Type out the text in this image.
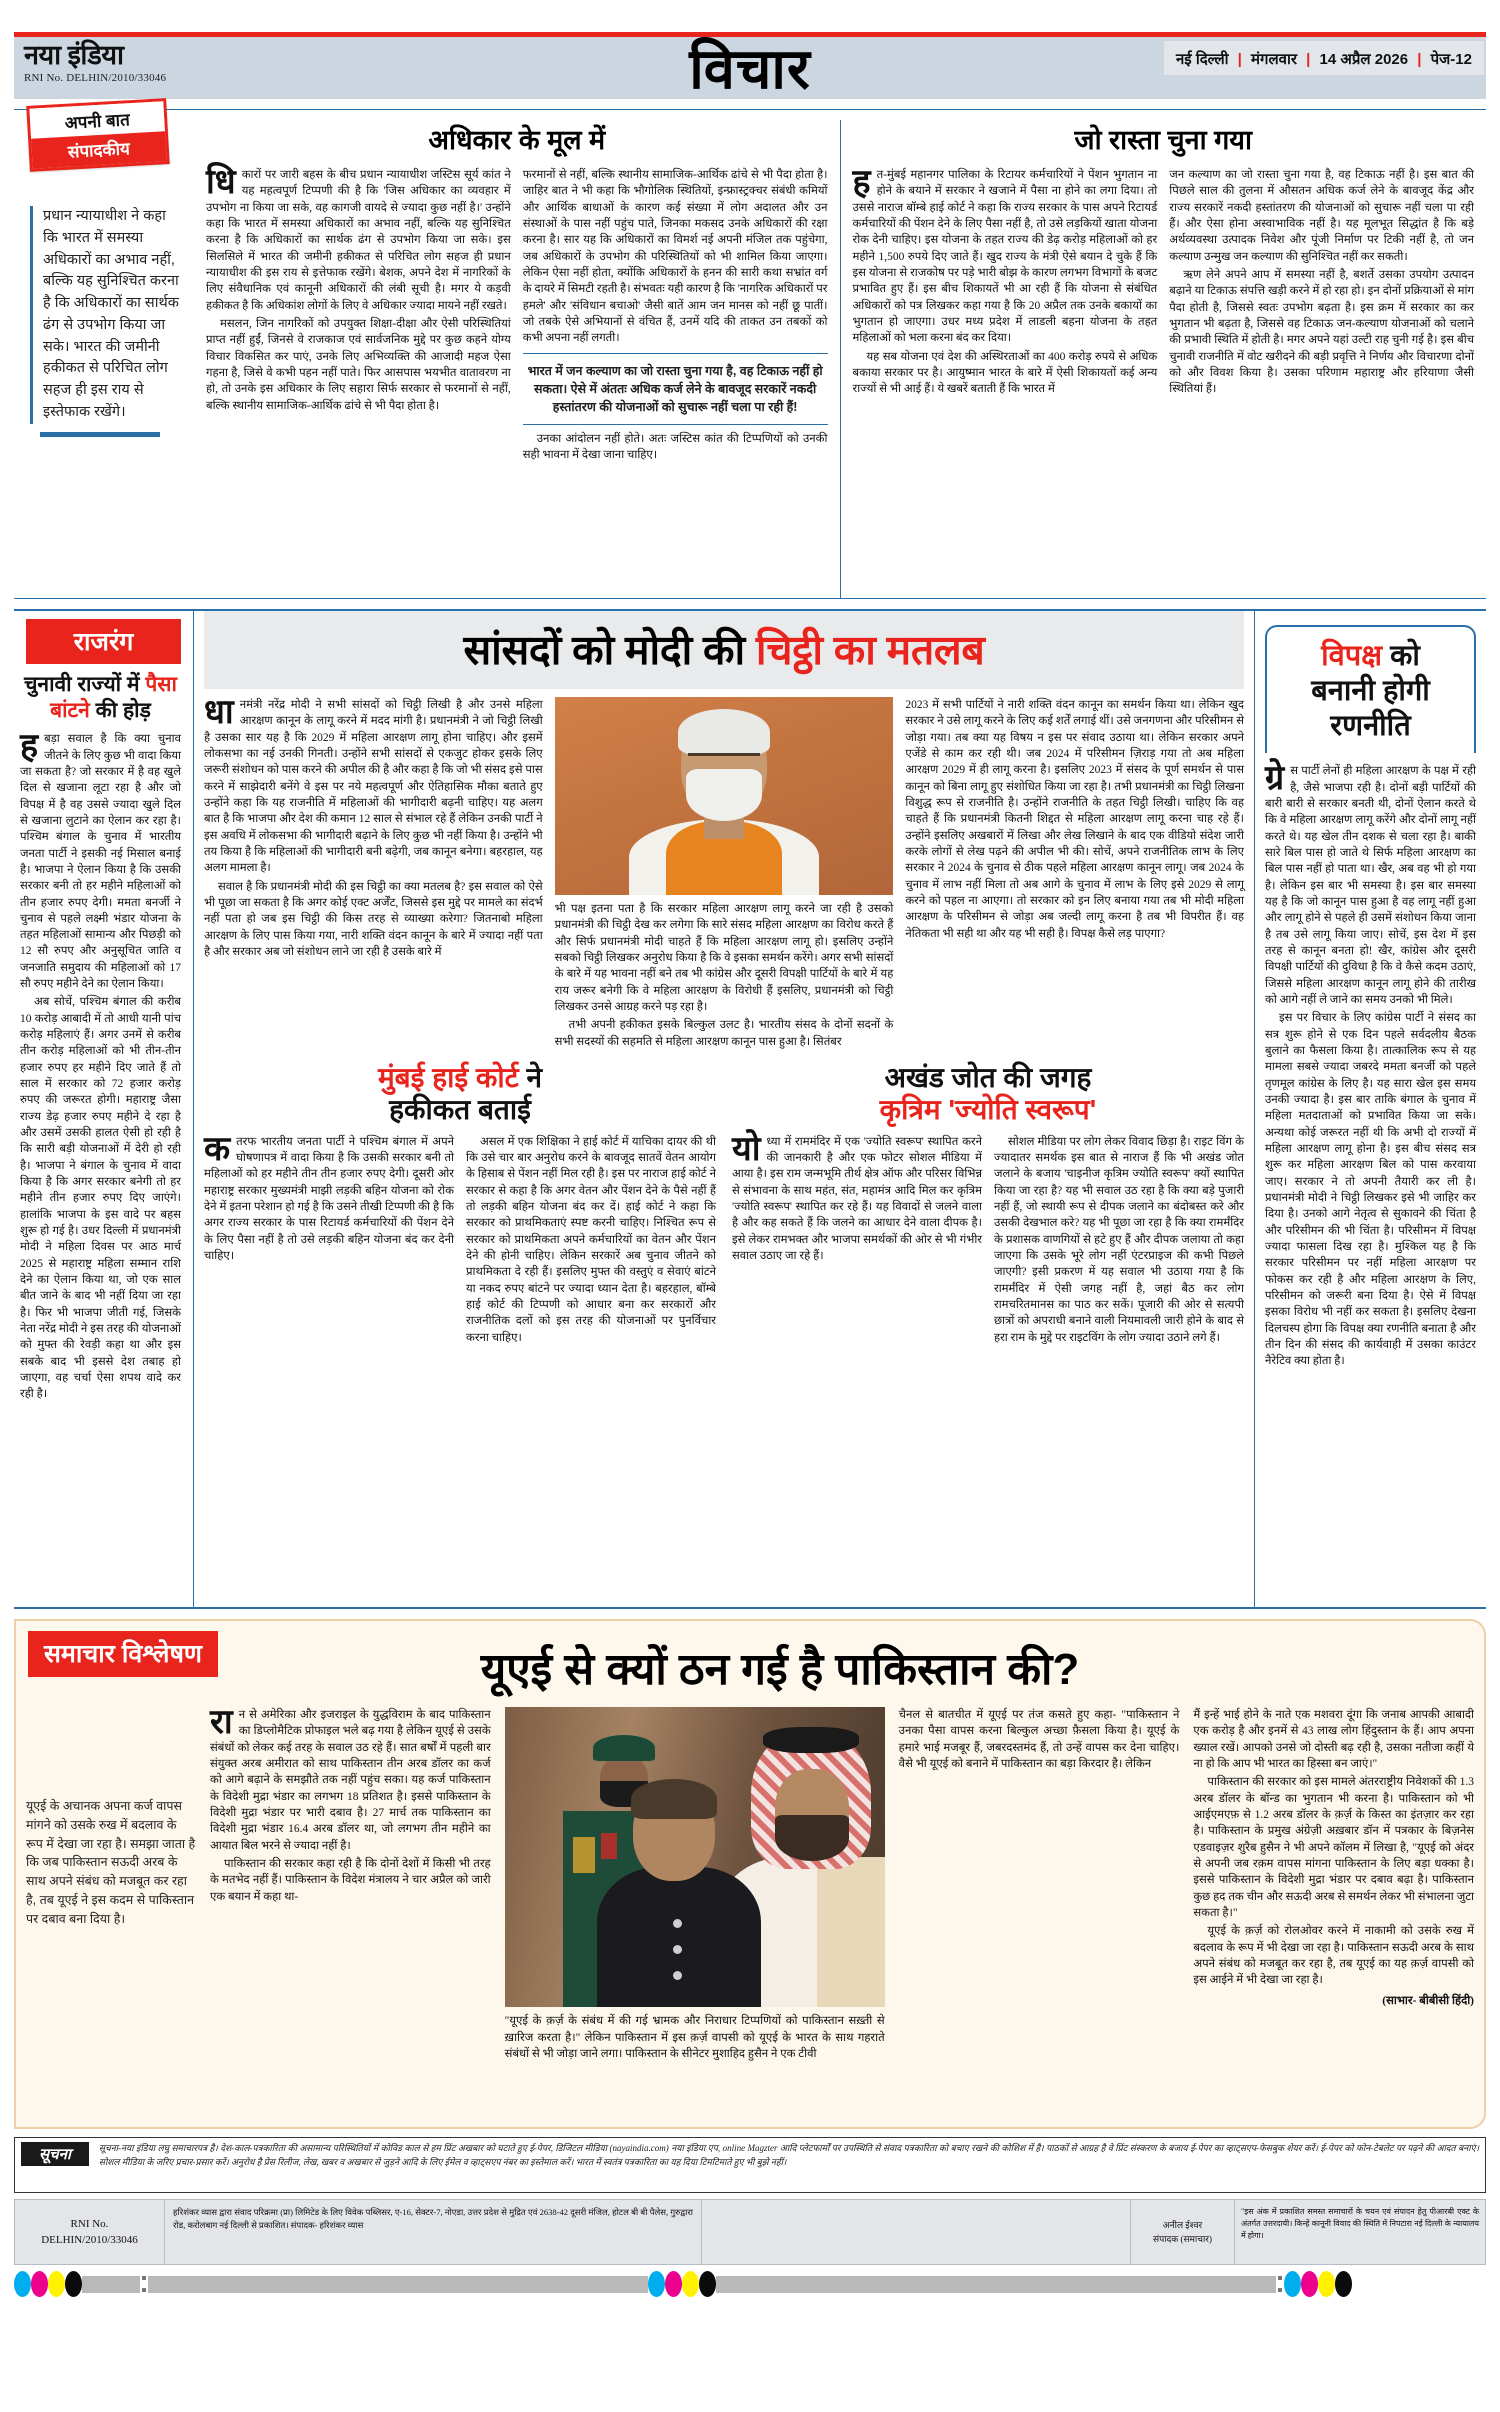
नया इंडिया
RNI No. DELHIN/2010/33046	विचार	नई दिल्ली | मंगलवार | 14 अप्रैल 2026 | पेज-12
अपनी बात
संपादकीय
प्रधान न्यायाधीश ने कहा कि भारत में समस्या अधिकारों का अभाव नहीं, बल्कि यह सुनिश्चित करना है कि अधिकारों का सार्थक ढंग से उपभोग किया जा सके। भारत की जमीनी हकीकत से परिचित लोग सहज ही इस राय से इस्तेफाक रखेंगे।
अधिकार के मूल में

धिकारों पर जारी बहस के बीच प्रधान न्यायाधीश जस्टिस सूर्य कांत ने यह महत्वपूर्ण टिप्पणी की है कि 'जिस अधिकार का व्यवहार में उपभोग ना किया जा सके, वह कागजी वायदे से ज्यादा कुछ नहीं है।' उन्होंने कहा कि भारत में समस्या अधिकारों का अभाव नहीं, बल्कि यह सुनिश्चित करना है कि अधिकारों का सार्थक ढंग से उपभोग किया जा सके। इस सिलसिले में भारत की जमीनी हकीकत से परिचित लोग सहज ही प्रधान न्यायाधीश की इस राय से इत्तेफाक रखेंगे। बेशक, अपने देश में नागरिकों के लिए संवैधानिक एवं कानूनी अधिकारों की लंबी सूची है। मगर ये कड़वी हकीकत है कि अधिकांश लोगों के लिए वे अधिकार ज्यादा मायने नहीं रखते।

मसलन, जिन नागरिकों को उपयुक्त शिक्षा-दीक्षा और ऐसी परिस्थितियां प्राप्त नहीं हुईं, जिनसे वे राजकाज एवं सार्वजनिक मुद्दे पर कुछ कहने योग्य विचार विकसित कर पाएं, उनके लिए अभिव्यक्ति की आजादी महज ऐसा गहना है, जिसे वे कभी पहन नहीं पाते। फिर आसपास भयभीत वातावरण ना हो, तो उनके इस अधिकार के लिए सहारा सिर्फ सरकार से फरमानों से नहीं, बल्कि स्थानीय सामाजिक-आर्थिक ढांचे से भी पैदा होता है।

फरमानों से नहीं, बल्कि स्थानीय सामाजिक-आर्थिक ढांचे से भी पैदा होता है। जाहिर बात ने भी कहा कि भौगोलिक स्थितियों, इन्फ्रास्ट्रक्चर संबंधी कमियों और आर्थिक बाधाओं के कारण कई संख्या में लोग अदालत और उन संस्थाओं के पास नहीं पहुंच पाते, जिनका मकसद उनके अधिकारों की रक्षा करना है। सार यह कि अधिकारों का विमर्श नई अपनी मंजिल तक पहुंचेगा, जब अधिकारों के उपभोग की परिस्थितियों को भी शामिल किया जाएगा। लेकिन ऐसा नहीं होता, क्योंकि अधिकारों के हनन की सारी कथा सभ्रांत वर्ग के दायरे में सिमटी रहती है। संभवतः यही कारण है कि 'नागरिक अधिकारों पर हमले' और 'संविधान बचाओ' जैसी बातें आम जन मानस को नहीं छू पातीं। जो तबके ऐसे अभियानों से वंचित हैं, उनमें यदि की ताकत उन तबकों को कभी अपना नहीं लगती।

भारत में जन कल्याण का जो रास्ता चुना गया है, वह टिकाऊ नहीं हो सकता। ऐसे में अंततः अधिक कर्ज लेने के बावजूद सरकारें नकदी हस्तांतरण की योजनाओं को सुचारू नहीं चला पा रही हैं!

उनका आंदोलन नहीं होते। अतः जस्टिस कांत की टिप्पणियों को उनकी सही भावना में देखा जाना चाहिए।

जो रास्ता चुना गया

हत-मुंबई महानगर पालिका के रिटायर कर्मचारियों ने पेंशन भुगतान ना होने के बयाने में सरकार ने खजाने में पैसा ना होने का लगा दिया। तो उससे नाराज बॉम्बे हाई कोर्ट ने कहा कि राज्य सरकार के पास अपने रिटायर्ड कर्मचारियों की पेंशन देने के लिए पैसा नहीं है, तो उसे लड़कियों खाता योजना रोक देनी चाहिए। इस योजना के तहत राज्य की डेढ़ करोड़ महिलाओं को हर महीने 1,500 रुपये दिए जाते हैं। खुद राज्य के मंत्री ऐसे बयान दे चुके हैं कि इस योजना से राजकोष पर पड़े भारी बोझ के कारण लगभग विभागों के बजट प्रभावित हुए हैं। इस बीच शिकायतें भी आ रही हैं कि योजना से संबंधित अधिकारों को पत्र लिखकर कहा गया है कि 20 अप्रैल तक उनके बकायों का भुगतान हो जाएगा। उधर मध्य प्रदेश में लाडली बहना योजना के तहत महिलाओं को भला करना बंद कर दिया।

यह सब योजना एवं देश की अस्थिरताओं का 400 करोड़ रुपये से अधिक बकाया सरकार पर है। आयुष्मान भारत के बारे में ऐसी शिकायतों कई अन्य राज्यों से भी आई हैं। ये खबरें बताती हैं कि भारत में

जन कल्याण का जो रास्ता चुना गया है, वह टिकाऊ नहीं है। इस बात की पिछले साल की तुलना में औसतन अधिक कर्ज लेने के बावजूद केंद्र और राज्य सरकारें नकदी हस्तांतरण की योजनाओं को सुचारू नहीं चला पा रही हैं। और ऐसा होना अस्वाभाविक नहीं है। यह मूलभूत सिद्धांत है कि बड़े अर्थव्यवस्था उत्पादक निवेश और पूंजी निर्माण पर टिकी नहीं है, तो जन कल्याण उन्मुख जन कल्याण की सुनिश्चित नहीं कर सकती।

ऋण लेने अपने आप में समस्या नहीं है, बशर्ते उसका उपयोग उत्पादन बढ़ाने या टिकाऊ संपत्ति खड़ी करने में हो रहा हो। इन दोनों प्रक्रियाओं से मांग पैदा होती है, जिससे स्वतः उपभोग बढ़ता है। इस क्रम में सरकार का कर भुगतान भी बढ़ता है, जिससे वह टिकाऊ जन-कल्याण योजनाओं को चलाने की प्रभावी स्थिति में होती है। मगर अपने यहां उल्टी राह चुनी गई है। इस बीच चुनावी राजनीति में वोट खरीदने की बड़ी प्रवृत्ति ने निर्णय और विचारणा दोनों को और विवश किया है। उसका परिणाम महाराष्ट्र और हरियाणा जैसी स्थितियां हैं।

राजरंग
चुनावी राज्यों में पैसा
बांटने की होड़

हबड़ा सवाल है कि क्या चुनाव जीतने के लिए कुछ भी वादा किया जा सकता है? जो सरकार में है वह खुले दिल से खजाना लूटा रहा है और जो विपक्ष में है वह उससे ज्यादा खुले दिल से खजाना लुटाने का ऐलान कर रहा है। पश्चिम बंगाल के चुनाव में भारतीय जनता पार्टी ने इसकी नई मिसाल बनाई है। भाजपा ने ऐलान किया है कि उसकी सरकार बनी तो हर महीने महिलाओं को तीन हजार रुपए देगी। ममता बनर्जी ने चुनाव से पहले लक्ष्मी भंडार योजना के तहत महिलाओं सामान्य और पिछड़ी को 12 सौ रुपए और अनुसूचित जाति व जनजाति समुदाय की महिलाओं को 17 सौ रुपए महीने देने का ऐलान किया।

अब सोचें, पश्चिम बंगाल की करीब 10 करोड़ आबादी में तो आधी यानी पांच करोड़ महिलाएं हैं। अगर उनमें से करीब तीन करोड़ महिलाओं को भी तीन-तीन हजार रुपए हर महीने दिए जाते हैं तो साल में सरकार को 72 हजार करोड़ रुपए की जरूरत होगी। महाराष्ट्र जैसा राज्य डेढ़ हजार रुपए महीने दे रहा है और उसमें उसकी हालत ऐसी हो रही है कि सारी बड़ी योजनाओं में देरी हो रही है। भाजपा ने बंगाल के चुनाव में वादा किया है कि अगर सरकार बनेगी तो हर महीने तीन हजार रुपए दिए जाएंगे। हालांकि भाजपा के इस वादे पर बहस शुरू हो गई है। उधर दिल्ली में प्रधानमंत्री मोदी ने महिला दिवस पर आठ मार्च 2025 से महाराष्ट्र महिला सम्मान राशि देने का ऐलान किया था, जो एक साल बीत जाने के बाद भी नहीं दिया जा रहा है। फिर भी भाजपा जीती गई, जिसके नेता नरेंद्र मोदी ने इस तरह की योजनाओं को मुफ्त की रेवड़ी कहा था और इस सबके बाद भी इससे देश तबाह हो जाएगा, वह चर्चा ऐसा शपथ वादे कर रही है।

सांसदों को मोदी की चिट्ठी का मतलब

धानमंत्री नरेंद्र मोदी ने सभी सांसदों को चिट्ठी लिखी है और उनसे महिला आरक्षण कानून के लागू करने में मदद मांगी है। प्रधानमंत्री ने जो चिट्ठी लिखी है उसका सार यह है कि 2029 में महिला आरक्षण लागू होना चाहिए। और इसमें लोकसभा का नई उनकी गिनती। उन्होंने सभी सांसदों से एकजुट होकर इसके लिए जरूरी संशोधन को पास करने की अपील की है और कहा है कि जो भी संसद इसे पास करने में साझेदारी बनेंगे वे इस पर नये महत्वपूर्ण और ऐतिहासिक मौका बताते हुए उन्होंने कहा कि यह राजनीति में महिलाओं की भागीदारी बढ़नी चाहिए। यह अलग बात है कि भाजपा और देश की कमान 12 साल से संभाल रहे हैं लेकिन उनकी पार्टी ने इस अवधि में लोकसभा की भागीदारी बढ़ाने के लिए कुछ भी नहीं किया है। उन्होंने भी तय किया है कि महिलाओं की भागीदारी बनी बढ़ेगी, जब कानून बनेगा। बहरहाल, यह अलग मामला है।

सवाल है कि प्रधानमंत्री मोदी की इस चिट्ठी का क्या मतलब है? इस सवाल को ऐसे भी पूछा जा सकता है कि अगर कोई एक्ट अर्जेंट, जिससे इस मुद्दे पर मामले का संदर्भ नहीं पता हो जब इस चिट्ठी की किस तरह से व्याख्या करेगा? जितनाबो महिला आरक्षण के लिए पास किया गया, नारी शक्ति वंदन कानून के बारे में ज्यादा नहीं पता है और सरकार अब जो संशोधन लाने जा रही है उसके बारे में

भी पक्ष इतना पता है कि सरकार महिला आरक्षण लागू करने जा रही है उसको प्रधानमंत्री की चिट्ठी देख कर लगेगा कि सारे संसद महिला आरक्षण का विरोध करते हैं और सिर्फ प्रधानमंत्री मोदी चाहते हैं कि महिला आरक्षण लागू हो। इसलिए उन्होंने सबको चिट्ठी लिखकर अनुरोध किया है कि वे इसका समर्थन करेंगे। अगर सभी सांसदों के बारे में यह भावना नहीं बने तब भी कांग्रेस और दूसरी विपक्षी पार्टियों के बारे में यह राय जरूर बनेगी कि वे महिला आरक्षण के विरोधी हैं इसलिए, प्रधानमंत्री को चिट्ठी लिखकर उनसे आग्रह करने पड़ रहा है।

तभी अपनी हकीकत इसके बिल्कुल उलट है। भारतीय संसद के दोनों सदनों के सभी सदस्यों की सहमति से महिला आरक्षण कानून पास हुआ है। सितंबर

2023 में सभी पार्टियों ने नारी शक्ति वंदन कानून का समर्थन किया था। लेकिन खुद सरकार ने उसे लागू करने के लिए कई शर्तें लगाई थीं। उसे जनगणना और परिसीमन से जोड़ा गया। तब क्या यह विषय न इस पर संवाद उठाया था। लेकिन सरकार अपने एजेंडे से काम कर रही थी। जब 2024 में परिसीमन ज़िराड़ गया तो अब महिला आरक्षण 2029 में ही लागू करना है। इसलिए 2023 में संसद के पूर्ण समर्थन से पास कानून को बिना लागू हुए संशोधित किया जा रहा है। तभी प्रधानमंत्री का चिट्ठी लिखना विशुद्ध रूप से राजनीति है। उन्होंने राजनीति के तहत चिट्ठी लिखी। चाहिए कि वह चाहते हैं कि प्रधानमंत्री कितनी शिद्दत से महिला आरक्षण लागू करना चाह रहे हैं। उन्होंने इसलिए अखबारों में लिखा और लेख लिखाने के बाद एक वीडियो संदेश जारी करके लोगों से लेख पढ़ने की अपील भी की। सोचें, अपने राजनीतिक लाभ के लिए सरकार ने 2024 के चुनाव से ठीक पहले महिला आरक्षण कानून लागू। जब 2024 के चुनाव में लाभ नहीं मिला तो अब आगे के चुनाव में लाभ के लिए इसे 2029 से लागू करने को पहल ना आएगा। तो सरकार को इन लिए बनाया गया तब भी मोदी महिला आरक्षण के परिसीमन से जोड़ा अब जल्दी लागू करना है तब भी विपरीत हैं। वह नेतिकता भी सही था और यह भी सही है। विपक्ष कैसे लड़ पाएगा?

मुंबई हाई कोर्ट ने
हकीकत बताई

कतरफ भारतीय जनता पार्टी ने पश्चिम बंगाल में अपने घोषणापत्र में वादा किया है कि उसकी सरकार बनी तो महिलाओं को हर महीने तीन तीन हजार रुपए देगी। दूसरी ओर महाराष्ट्र सरकार मुख्यमंत्री माझी लड़की बहिन योजना को रोक देने में इतना परेशान हो गई है कि उसने तीखी टिप्पणी की है कि अगर राज्य सरकार के पास रिटायर्ड कर्मचारियों की पेंशन देने के लिए पैसा नहीं है तो उसे लड़की बहिन योजना बंद कर देनी चाहिए।

असल में एक शिक्षिका ने हाई कोर्ट में याचिका दायर की थी कि उसे चार बार अनुरोध करने के बावजूद सातवें वेतन आयोग के हिसाब से पेंशन नहीं मिल रही है। इस पर नाराज हाई कोर्ट ने सरकार से कहा है कि अगर वेतन और पेंशन देने के पैसे नहीं हैं तो लड़की बहिन योजना बंद कर दें। हाई कोर्ट ने कहा कि सरकार को प्राथमिकताएं स्पष्ट करनी चाहिए। निश्चित रूप से सरकार को प्राथमिकता अपने कर्मचारियों का वेतन और पेंशन देने की होनी चाहिए। लेकिन सरकारें अब चुनाव जीतने को प्राथमिकता दे रही हैं। इसलिए मुफ्त की वस्तुएं व सेवाएं बांटने या नकद रुपए बांटने पर ज्यादा ध्यान देता है। बहरहाल, बॉम्बे हाई कोर्ट की टिप्पणी को आधार बना कर सरकारों और राजनीतिक दलों को इस तरह की योजनाओं पर पुनर्विचार करना चाहिए।

अखंड जोत की जगह
कृत्रिम 'ज्योति स्वरूप'

योध्या में राममंदिर में एक 'ज्योति स्वरूप' स्थापित करने की जानकारी है और एक फोटर सोशल मीडिया में आया है। इस राम जन्मभूमि तीर्थ क्षेत्र ऑफ और परिसर विभिन्न से संभावना के साथ महंत, संत, महामंत्र आदि मिल कर कृत्रिम 'ज्योति स्वरूप' स्थापित कर रहे हैं। यह विवादों से जलने वाला है और कह सकते हैं कि जलने का आधार देने वाला दीपक है। इसे लेकर रामभक्त और भाजपा समर्थकों की ओर से भी गंभीर सवाल उठाए जा रहे हैं।

सोशल मीडिया पर लोग लेकर विवाद छिड़ा है। राइट विंग के ज्यादातर समर्थक इस बात से नाराज हैं कि भी अखंड जोत जलाने के बजाय 'चाइनीज कृत्रिम ज्योति स्वरूप' क्यों स्थापित किया जा रहा है? यह भी सवाल उठ रहा है कि क्या बड़े पुजारी नहीं हैं, जो स्थायी रूप से दीपक जलाने का बंदोबस्त करे और उसकी देखभाल करे? यह भी पूछा जा रहा है कि क्या रामर्मंदिर के प्रशासक वाणगियों से हटे हुए हैं और दीपक जलाया तो कहा जाएगा कि उसके भूरे लोग नहीं एंटरप्राइज की कभी पिछले जाएगी? इसी प्रकरण में यह सवाल भी उठाया गया है कि रामर्मंदिर में ऐसी जगह नहीं है, जहां बैठ कर लोग रामचरितमानस का पाठ कर सकें। पूजारी की ओर से सत्यपी छात्रों को अपराधी बनाने वाली नियमावली जारी होने के बाद से हरा राम के मुद्दे पर राइटविंग के लोग ज्यादा उठाने लगे हैं।

विपक्ष को
बनानी होगी
रणनीति

ग्रेस पार्टी लेनों ही महिला आरक्षण के पक्ष में रही है, जैसे भाजपा रही है। दोनों बड़ी पार्टियों की बारी बारी से सरकार बनती थी, दोनों ऐलान करते थे कि वे महिला आरक्षण लागू करेंगे और दोनों लागू नहीं करते थे। यह खेल तीन दशक से चला रहा है। बाकी सारे बिल पास हो जाते थे सिर्फ महिला आरक्षण का बिल पास नहीं हो पाता था। खैर, अब वह भी हो गया है। लेकिन इस बार भी समस्या है। इस बार समस्या यह है कि जो कानून पास हुआ है वह लागू नहीं हुआ और लागू होने से पहले ही उसमें संशोधन किया जाना है तब उसे लागू किया जाए। सोचें, इस देश में इस तरह से कानून बनता हो! खैर, कांग्रेस और दूसरी विपक्षी पार्टियों की दुविधा है कि वे कैसे कदम उठाएं, जिससे महिला आरक्षण कानून लागू होने की तारीख को आगे नहीं ले जाने का समय उनको भी मिले।

इस पर विचार के लिए कांग्रेस पार्टी ने संसद का सत्र शुरू होने से एक दिन पहले सर्वदलीय बैठक बुलाने का फैसला किया है। तात्कालिक रूप से यह मामला सबसे ज्यादा जबरदे ममता बनर्जी को पहले तृणमूल कांग्रेस के लिए है। यह सारा खेल इस समय उनकी ज्यादा है। इस बार ताकि बंगाल के चुनाव में महिला मतदाताओं को प्रभावित किया जा सके। अन्यथा कोई जरूरत नहीं थी कि अभी दो राज्यों में महिला आरक्षण लागू होना है। इस बीच संसद सत्र शुरू कर महिला आरक्षण बिल को पास करवाया जाए। सरकार ने तो अपनी तैयारी कर ली है। प्रधानमंत्री मोदी ने चिट्ठी लिखकर इसे भी जाहिर कर दिया है। उनको आगे नेतृत्व से सुकावने की चिंता है और परिसीमन की भी चिंता है। परिसीमन में विपक्ष ज्यादा फासला दिख रहा है। मुश्किल यह है कि सरकार परिसीमन पर नहीं महिला आरक्षण पर फोकस कर रही है और महिला आरक्षण के लिए, परिसीमन को जरूरी बना दिया है। ऐसे में विपक्ष इसका विरोध भी नहीं कर सकता है। इसलिए देखना दिलचस्प होगा कि विपक्ष क्या रणनीति बनाता है और तीन दिन की संसद की कार्यवाही में उसका काउंटर नैरेटिव क्या होता है।

समाचार विश्लेषण	यूएई से क्यों ठन गई है पाकिस्तान की?
यूएई के अचानक अपना कर्ज वापस मांगने को उसके रुख में बदलाव के रूप में देखा जा रहा है। समझा जाता है कि जब पाकिस्तान सऊदी अरब के साथ अपने संबंध को मजबूत कर रहा है, तब यूएई ने इस कदम से पाकिस्तान पर दबाव बना दिया है।

रान से अमेरिका और इजराइल के युद्धविराम के बाद पाकिस्तान का डिप्लोमैटिक प्रोफाइल भले बढ़ गया है लेकिन यूएई से उसके संबंधों को लेकर कई तरह के सवाल उठ रहे हैं। सात बर्षों में पहली बार संयुक्त अरब अमीरात को साथ पाकिस्तान तीन अरब डॉलर का कर्ज को आगे बढ़ाने के समझौते तक नहीं पहुंच सका। यह कर्ज पाकिस्तान के विदेशी मुद्रा भंडार का लगभग 18 प्रतिशत है। इससे पाकिस्तान के विदेशी मुद्रा भंडार पर भारी दबाव है। 27 मार्च तक पाकिस्तान का विदेशी मुद्रा भंडार 16.4 अरब डॉलर था, जो लगभग तीन महीने का आयात बिल भरने से ज्यादा नहीं है।

पाकिस्तान की सरकार कहा रही है कि दोनों देशों में किसी भी तरह के मतभेद नहीं हैं। पाकिस्तान के विदेश मंत्रालय ने चार अप्रैल को जारी एक बयान में कहा था-

"यूएई के क़र्ज़ के संबंध में की गई भ्रामक और निराधार टिप्पणियों को पाकिस्तान सख़्ती से ख़ारिज करता है।" लेकिन पाकिस्तान में इस क़र्ज़ वापसी को यूएई के भारत के साथ गहराते संबंधों से भी जोड़ा जाने लगा। पाकिस्तान के सीनेटर मुशाहिद हुसैन ने एक टीवी

चैनल से बातचीत में यूएई पर तंज कसते हुए कहा- "पाकिस्तान ने उनका पैसा वापस करना बिल्कुल अच्छा फ़ैसला किया है। यूएई के हमारे भाई मजबूर हैं, जबरदस्तमंद हैं, तो उन्हें वापस कर देना चाहिए। वैसे भी यूएई को बनाने में पाकिस्तान का बड़ा किरदार है। लेकिन

मैं इन्हें भाई होने के नाते एक मशवरा दूंगा कि जनाब आपकी आबादी एक करोड़ है और इनमें से 43 लाख लोग हिंदुस्तान के हैं। आप अपना ख्याल रखें। आपको उनसे जो दोस्ती बढ़ रही है, उसका नतीजा कहीं ये ना हो कि आप भी भारत का हिस्सा बन जाएं।"

पाकिस्तान की सरकार को इस मामले अंतरराष्ट्रीय निवेशकों की 1.3 अरब डॉलर के बॉन्ड का भुगतान भी करना है। पाकिस्तान को भी आईएमएफ़ से 1.2 अरब डॉलर के क़र्ज़ के किस्त का इंतज़ार कर रहा है। पाकिस्तान के प्रमुख अंग्रेज़ी अख़बार डॉन में पत्रकार के बिज़नेस एडवाइज़र शुरैब हुसैन ने भी अपने कॉलम में लिखा है, "यूएई को अंदर से अपनी जब रक़म वापस मांगना पाकिस्तान के लिए बड़ा धक्का है। इससे पाकिस्तान के विदेशी मुद्रा भंडार पर दबाव बढ़ा है। पाकिस्तान कुछ हद तक चीन और सऊदी अरब से समर्थन लेकर भी संभालना जुटा सकता है।"

यूएई के क़र्ज़ को रोलओवर करने में नाकामी को उसके रुख में बदलाव के रूप में भी देखा जा रहा है। पाकिस्तान सऊदी अरब के साथ अपने संबंध को मजबूत कर रहा है, तब यूएई का यह क़र्ज़ वापसी को इस आईने में भी देखा जा रहा है।

(साभार- बीबीसी हिंदी)
सूचना	सूचना-नया इंडिया लघु समाचारपत्र है। देश-काल-पत्रकारिता की असामान्य परिस्थितियों में कोविड काल से हम प्रिंट अखबार को घटाते हुए ई-पेपर, डिजिटल मीडिया (nayaindia.com) नया इंडिया एप, online Magzter आदि प्लेटफार्मों पर उपस्थिति से संवाद पत्रकारिता को बचाए रखने की कोशिश में है। पाठकों से आग्रह है वे प्रिंट संस्करण के बजाय ई-पेपर का व्हाट्सएप-फेसबुक शेयर करें। ई-पेपर को फोन-टेबलेट पर पढ़ने की आदत बनाएं। सोशल मीडिया के जरिए प्रचार-प्रसार करें। अनुरोध है प्रेस रिलीज, लेख, खबर व अखबार से जुड़ने आदि के लिए ईमेल व व्हाट्सएप नंबर का इस्तेमाल करें। भारत में स्वतंत्र पत्रकारिता का यह दिया टिमटिमाते हुए भी बुझे नहीं।
RNI No.
DELHIN/2010/33046
हरिशंकर व्यास द्वारा संवाद परिक्रमा (प्रा) लिमिटेड के लिए विवेक पब्लिसर, ए-16, सेक्टर-7, नोएडा, उत्तर प्रदेश से मुद्रित एवं 2638-42 दूसरी मंजिल, होटल बी बी पैलेस, गुरुद्वारा रोड, करोलबाग नई दिल्ली से प्रकाशित। संपादक- हरिशंकर व्यास	अनील ईश्वर
संपादक (समाचार)
"इस अंक में प्रकाशित समस्त समाचारों के चयन एवं संपादन हेतु पीआरबी एक्ट के अंतर्गत उत्तरदायी। किन्हें कानूनी विवाद की स्थिति में निपटारा नई दिल्ली के न्यायालय में होगा।
